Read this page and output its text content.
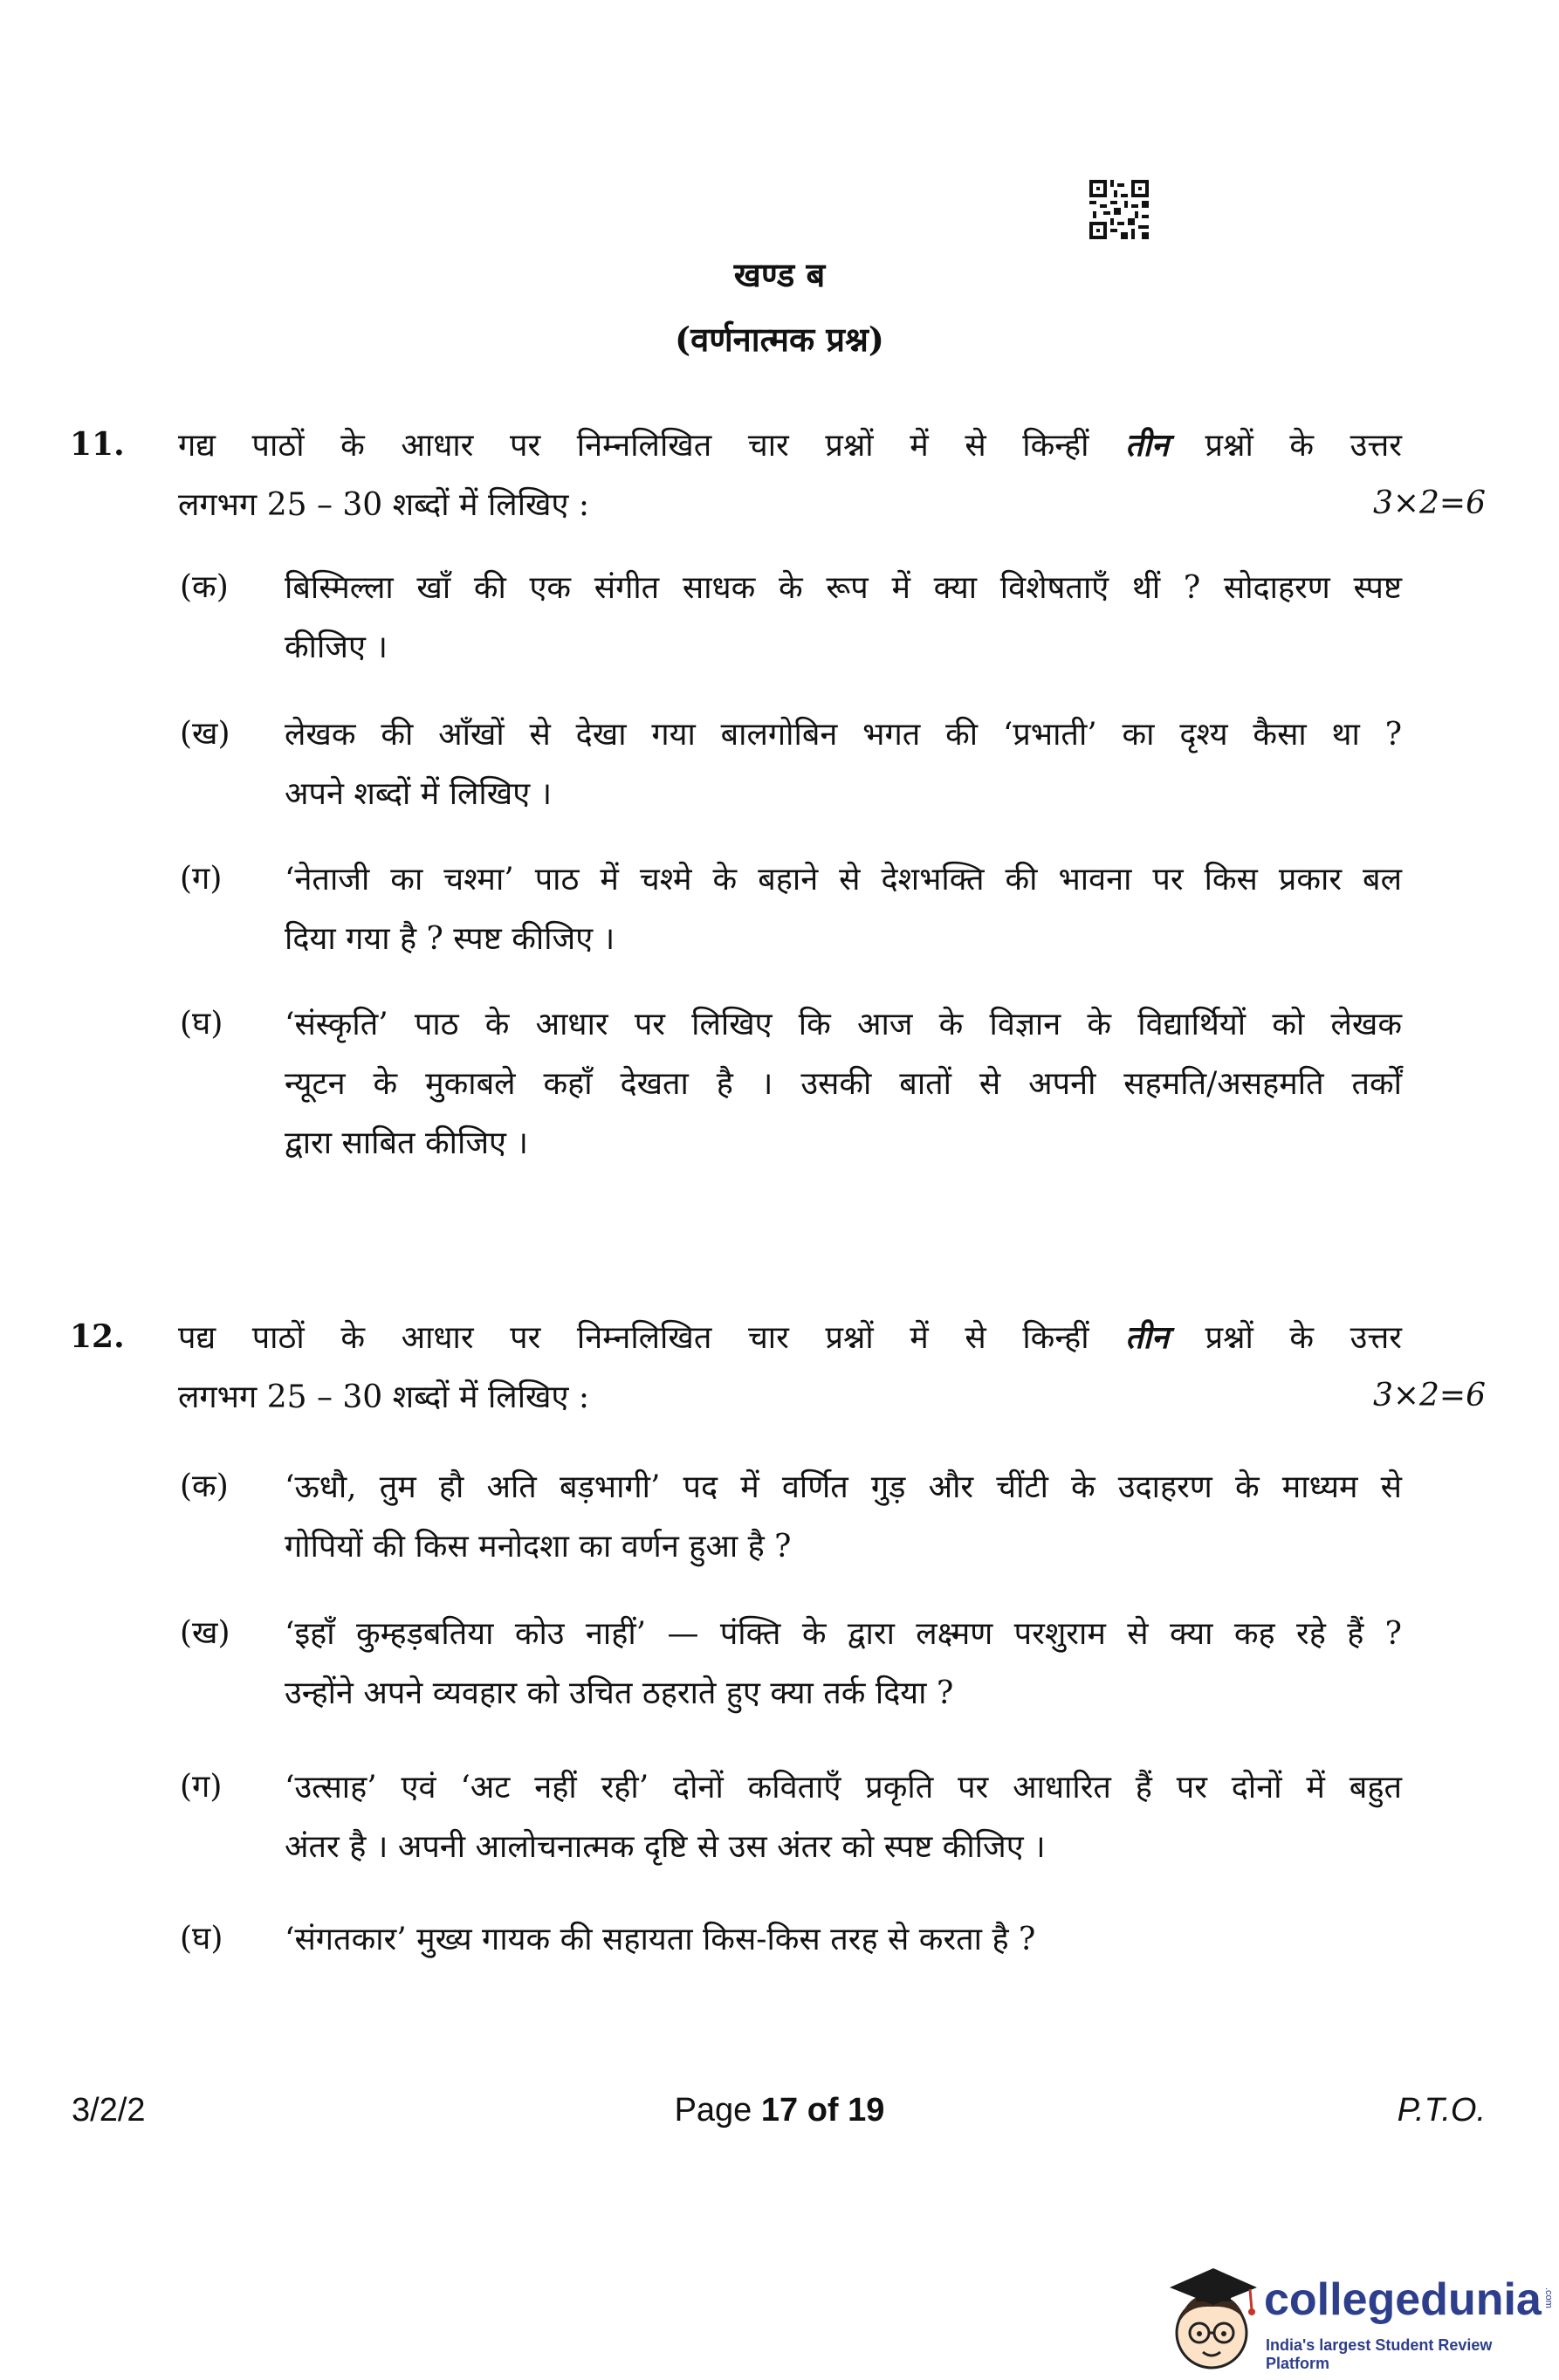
खण्ड ब
(वर्णनात्मक प्रश्न)
11. गद्य पाठों के आधार पर निम्नलिखित चार प्रश्नों में से किन्हीं तीन प्रश्नों के उत्तर
लगभग 25 – 30 शब्दों में लिखिए :	3×2=6
(क) बिस्मिल्ला खाँ की एक संगीत साधक के रूप में क्या विशेषताएँ थीं ? सोदाहरण स्पष्ट
कीजिए ।
(ख) लेखक की आँखों से देखा गया बालगोबिन भगत की ‘प्रभाती’ का दृश्य कैसा था ?
अपने शब्दों में लिखिए ।
(ग) ‘नेताजी का चश्मा’ पाठ में चश्मे के बहाने से देशभक्ति की भावना पर किस प्रकार बल
दिया गया है ? स्पष्ट कीजिए ।
(घ) ‘संस्कृति’ पाठ के आधार पर लिखिए कि आज के विज्ञान के विद्यार्थियों को लेखक
न्यूटन के मुकाबले कहाँ देखता है । उसकी बातों से अपनी सहमति/असहमति तर्कों
द्वारा साबित कीजिए ।
12. पद्य पाठों के आधार पर निम्नलिखित चार प्रश्नों में से किन्हीं तीन प्रश्नों के उत्तर
लगभग 25 – 30 शब्दों में लिखिए :	3×2=6
(क) ‘ऊधौ, तुम हौ अति बड़भागी’ पद में वर्णित गुड़ और चींटी के उदाहरण के माध्यम से
गोपियों की किस मनोदशा का वर्णन हुआ है ?
(ख) ‘इहाँ कुम्हड़बतिया कोउ नाहीं’ — पंक्ति के द्वारा लक्ष्मण परशुराम से क्या कह रहे हैं ?
उन्होंने अपने व्यवहार को उचित ठहराते हुए क्या तर्क दिया ?
(ग) ‘उत्साह’ एवं ‘अट नहीं रही’ दोनों कविताएँ प्रकृति पर आधारित हैं पर दोनों में बहुत
अंतर है । अपनी आलोचनात्मक दृष्टि से उस अंतर को स्पष्ट कीजिए ।
(घ) ‘संगतकार’ मुख्य गायक की सहायता किस-किस तरह से करता है ?
3/2/2	Page 17 of 19	P.T.O.
collegedunia .com
India's largest Student Review Platform
